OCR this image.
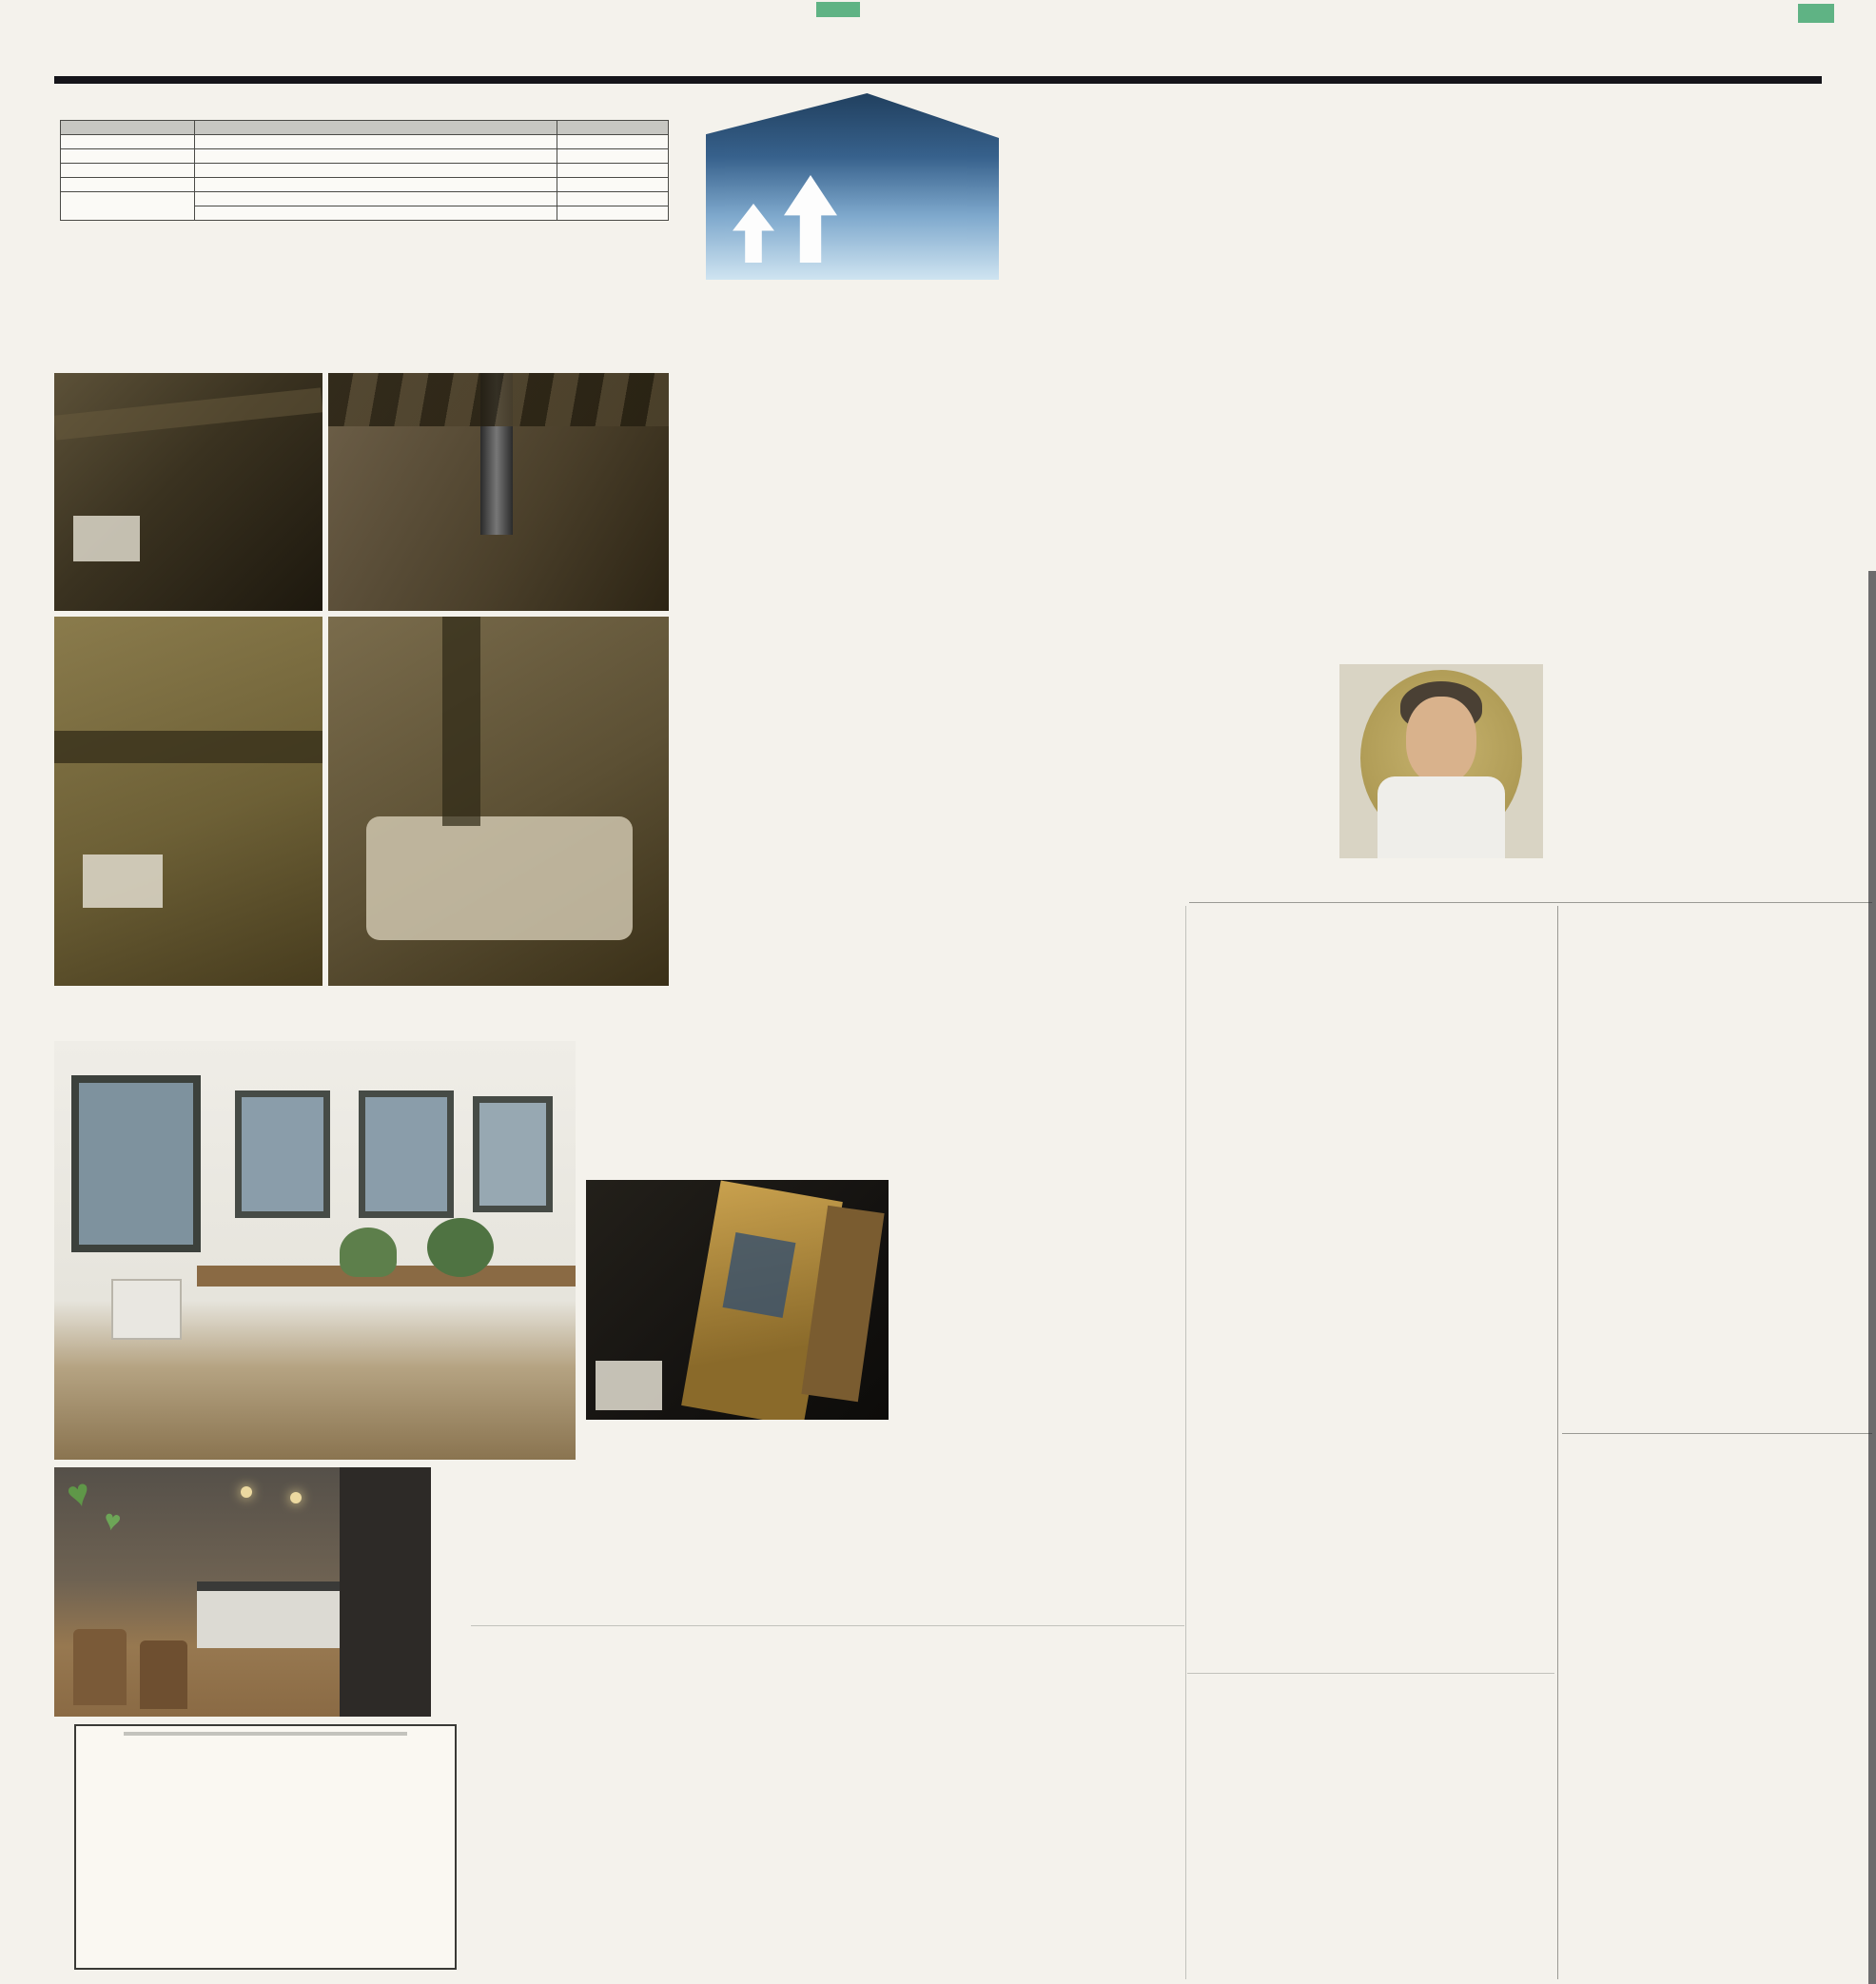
♥
♥
